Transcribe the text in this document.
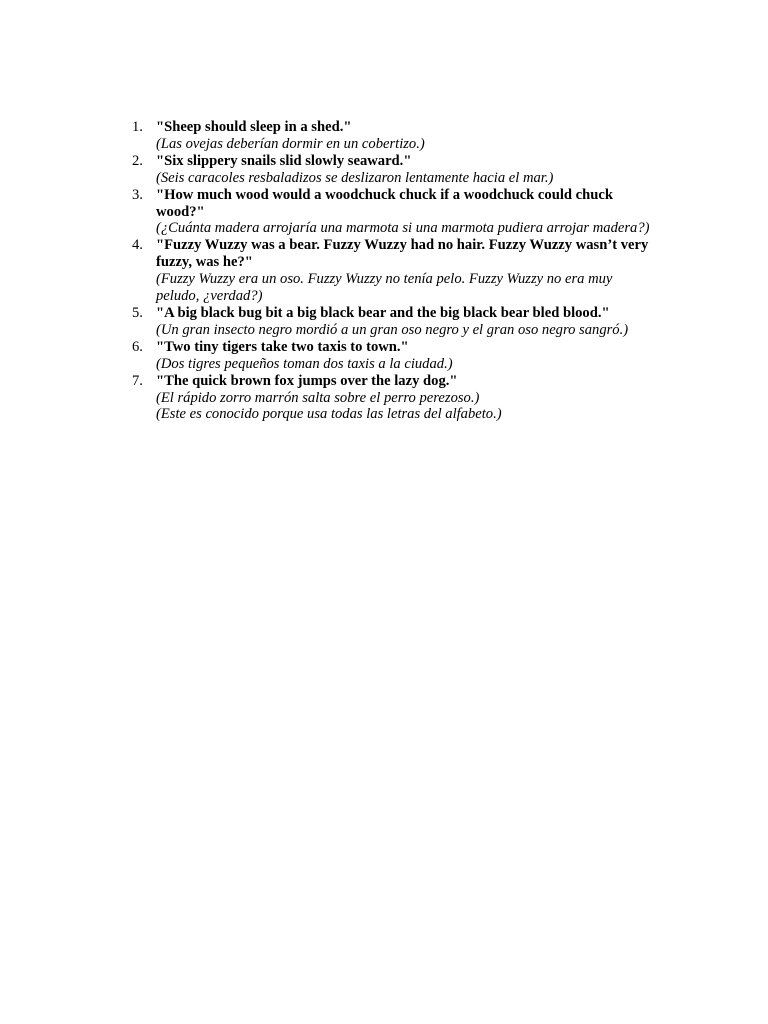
1. "Sheep should sleep in a shed."
(Las ovejas deberían dormir en un cobertizo.)
2. "Six slippery snails slid slowly seaward."
(Seis caracoles resbaladizos se deslizaron lentamente hacia el mar.)
3. "How much wood would a woodchuck chuck if a woodchuck could chuck wood?"
(¿Cuánta madera arrojaría una marmota si una marmota pudiera arrojar madera?)
4. "Fuzzy Wuzzy was a bear. Fuzzy Wuzzy had no hair. Fuzzy Wuzzy wasn’t very fuzzy, was he?"
(Fuzzy Wuzzy era un oso. Fuzzy Wuzzy no tenía pelo. Fuzzy Wuzzy no era muy peludo, ¿verdad?)
5. "A big black bug bit a big black bear and the big black bear bled blood."
(Un gran insecto negro mordió a un gran oso negro y el gran oso negro sangró.)
6. "Two tiny tigers take two taxis to town."
(Dos tigres pequeños toman dos taxis a la ciudad.)
7. "The quick brown fox jumps over the lazy dog."
(El rápido zorro marrón salta sobre el perro perezoso.)
(Este es conocido porque usa todas las letras del alfabeto.)
